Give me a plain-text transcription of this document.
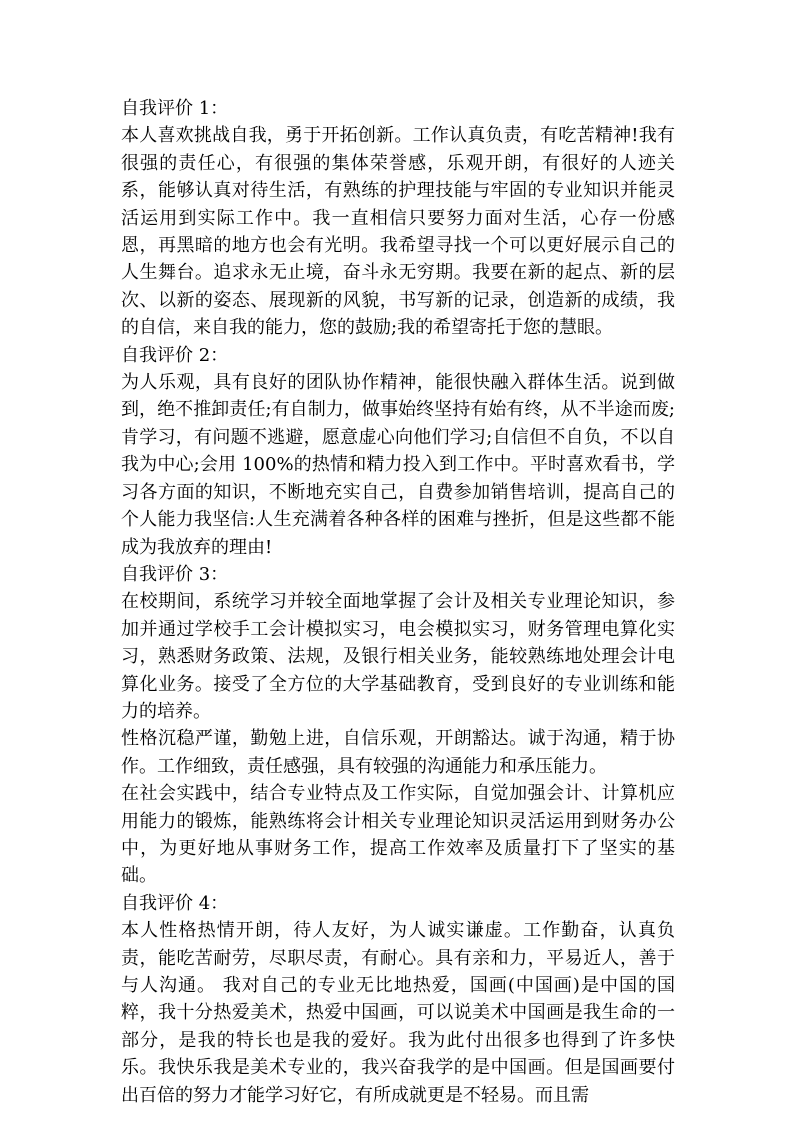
自我评价 1：

本人喜欢挑战自我，勇于开拓创新。工作认真负责，有吃苦精神!我有很强的责任心，有很强的集体荣誉感，乐观开朗，有很好的人迹关系，能够认真对待生活，有熟练的护理技能与牢固的专业知识并能灵活运用到实际工作中。我一直相信只要努力面对生活，心存一份感恩，再黑暗的地方也会有光明。我希望寻找一个可以更好展示自己的人生舞台。追求永无止境，奋斗永无穷期。我要在新的起点、新的层次、以新的姿态、展现新的风貌，书写新的记录，创造新的成绩，我的自信，来自我的能力，您的鼓励;我的希望寄托于您的慧眼。

自我评价 2：

为人乐观，具有良好的团队协作精神，能很快融入群体生活。说到做到，绝不推卸责任;有自制力，做事始终坚持有始有终，从不半途而废;肯学习，有问题不逃避，愿意虚心向他们学习;自信但不自负，不以自我为中心;会用 100%的热情和精力投入到工作中。平时喜欢看书，学习各方面的知识，不断地充实自己，自费参加销售培训，提高自己的个人能力我坚信:人生充满着各种各样的困难与挫折，但是这些都不能成为我放弃的理由!

自我评价 3：

在校期间，系统学习并较全面地掌握了会计及相关专业理论知识，参加并通过学校手工会计模拟实习，电会模拟实习，财务管理电算化实习，熟悉财务政策、法规，及银行相关业务，能较熟练地处理会计电算化业务。接受了全方位的大学基础教育，受到良好的专业训练和能力的培养。

性格沉稳严谨，勤勉上进，自信乐观，开朗豁达。诚于沟通，精于协作。工作细致，责任感强，具有较强的沟通能力和承压能力。

在社会实践中，结合专业特点及工作实际，自觉加强会计、计算机应用能力的锻炼，能熟练将会计相关专业理论知识灵活运用到财务办公中，为更好地从事财务工作，提高工作效率及质量打下了坚实的基础。

自我评价 4：

本人性格热情开朗，待人友好，为人诚实谦虚。工作勤奋，认真负责，能吃苦耐劳，尽职尽责，有耐心。具有亲和力，平易近人，善于与人沟通。 我对自己的专业无比地热爱，国画(中国画)是中国的国粹，我十分热爱美术，热爱中国画，可以说美术中国画是我生命的一部分，是我的特长也是我的爱好。我为此付出很多也得到了许多快乐。我快乐我是美术专业的，我兴奋我学的是中国画。但是国画要付出百倍的努力才能学习好它，有所成就更是不轻易。而且需
